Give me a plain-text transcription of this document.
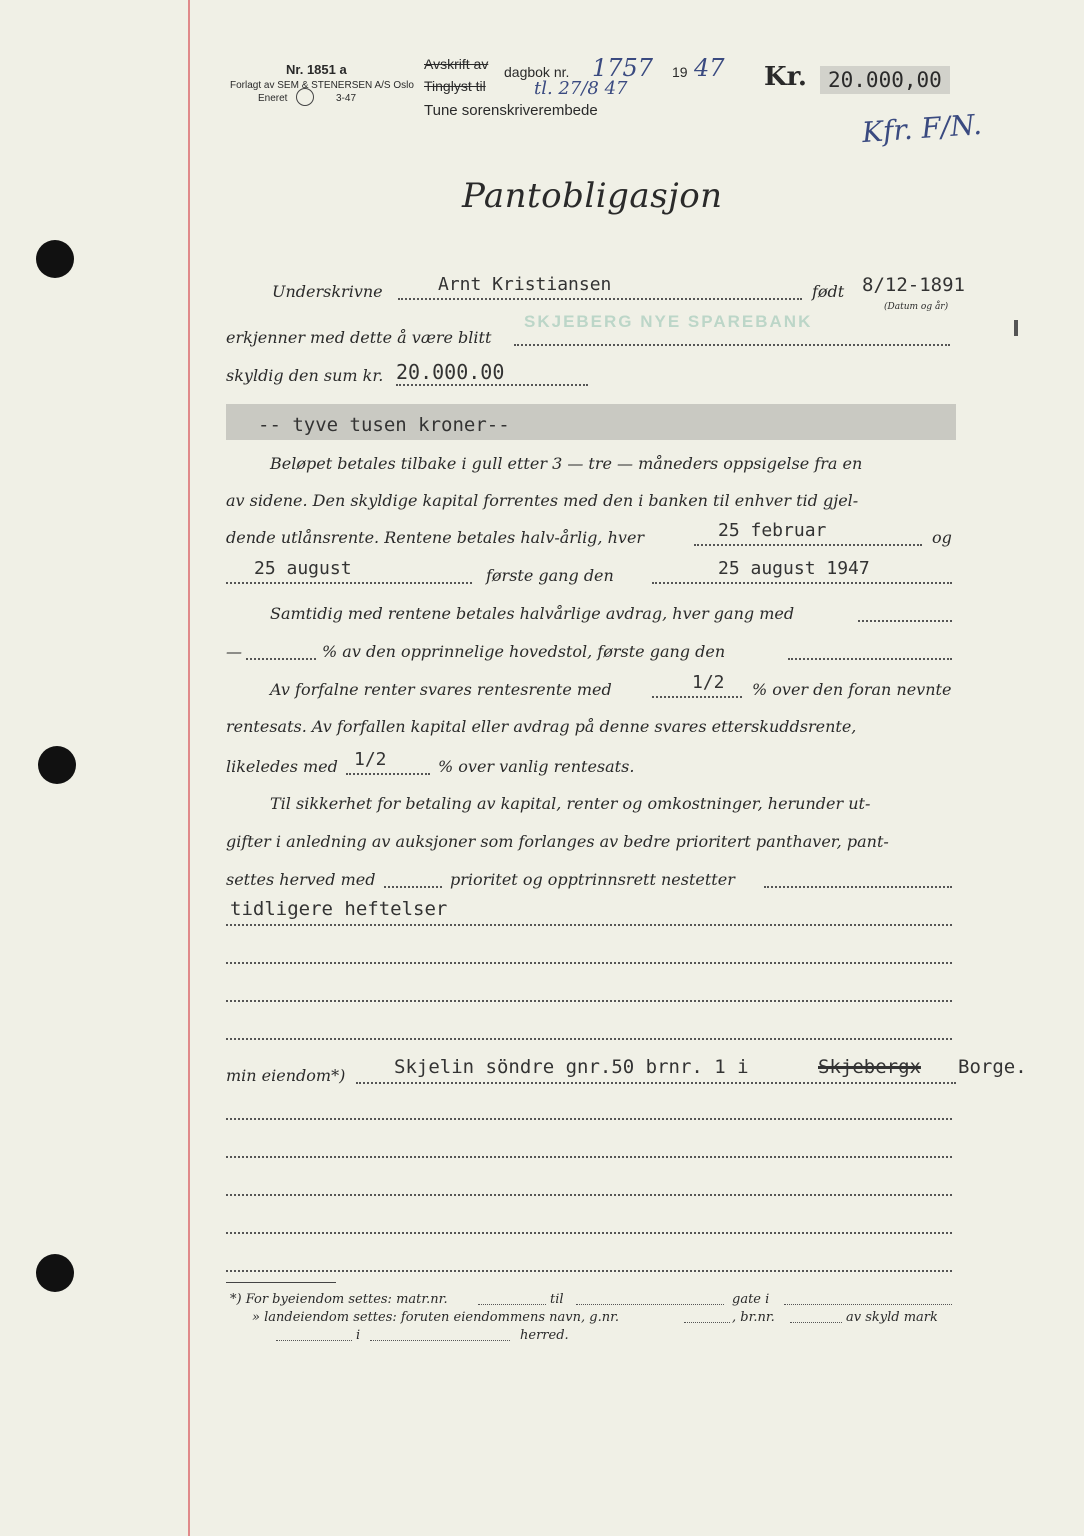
Nr. 1851 a
Forlagt av SEM & STENERSEN A/S Oslo
Eneret	3-47
Avskrift av dagbok nr. 1757 19 47
Tinglyst til	tl. 27/8 47
Tune sorenskriverembede
Kr.	20.000,00
Kfr. F/N.
Pantobligasjon
Underskrivne	Arnt Kristiansen	født 8/12-1891
(Datum og år)
erkjenner med dette å være blitt
SKJEBERG NYE SPAREBANK
skyldig den sum kr. 20.000.00
-- tyve tusen kroner--
Beløpet betales tilbake i gull etter 3 — tre — måneders oppsigelse fra en
av sidene. Den skyldige kapital forrentes med den i banken til enhver tid gjel-
dende utlånsrente. Rentene betales halv-årlig, hver	25 februar	og
25 august	første gang den	25 august 1947
Samtidig med rentene betales halvårlige avdrag, hver gang med
—	% av den opprinnelige hovedstol, første gang den
Av forfalne renter svares rentesrente med	1/2 % over den foran nevnte
rentesats. Av forfallen kapital eller avdrag på denne svares etterskuddsrente,
likeledes med 1/2	% over vanlig rentesats.
Til sikkerhet for betaling av kapital, renter og omkostninger, herunder ut-
gifter i anledning av auksjoner som forlanges av bedre prioritert panthaver, pant-
settes herved med	prioritet og opptrinnsrett nestetter
tidligere heftelser
min eiendom*)	Skjelin söndre gnr.50 brnr. 1 i	Skjebergx Borge.
*) For byeiendom settes: matr.nr.	til	gate i
» landeiendom settes: foruten eiendommens navn, g.nr.	, br.nr.	av skyld mark
i	herred.
